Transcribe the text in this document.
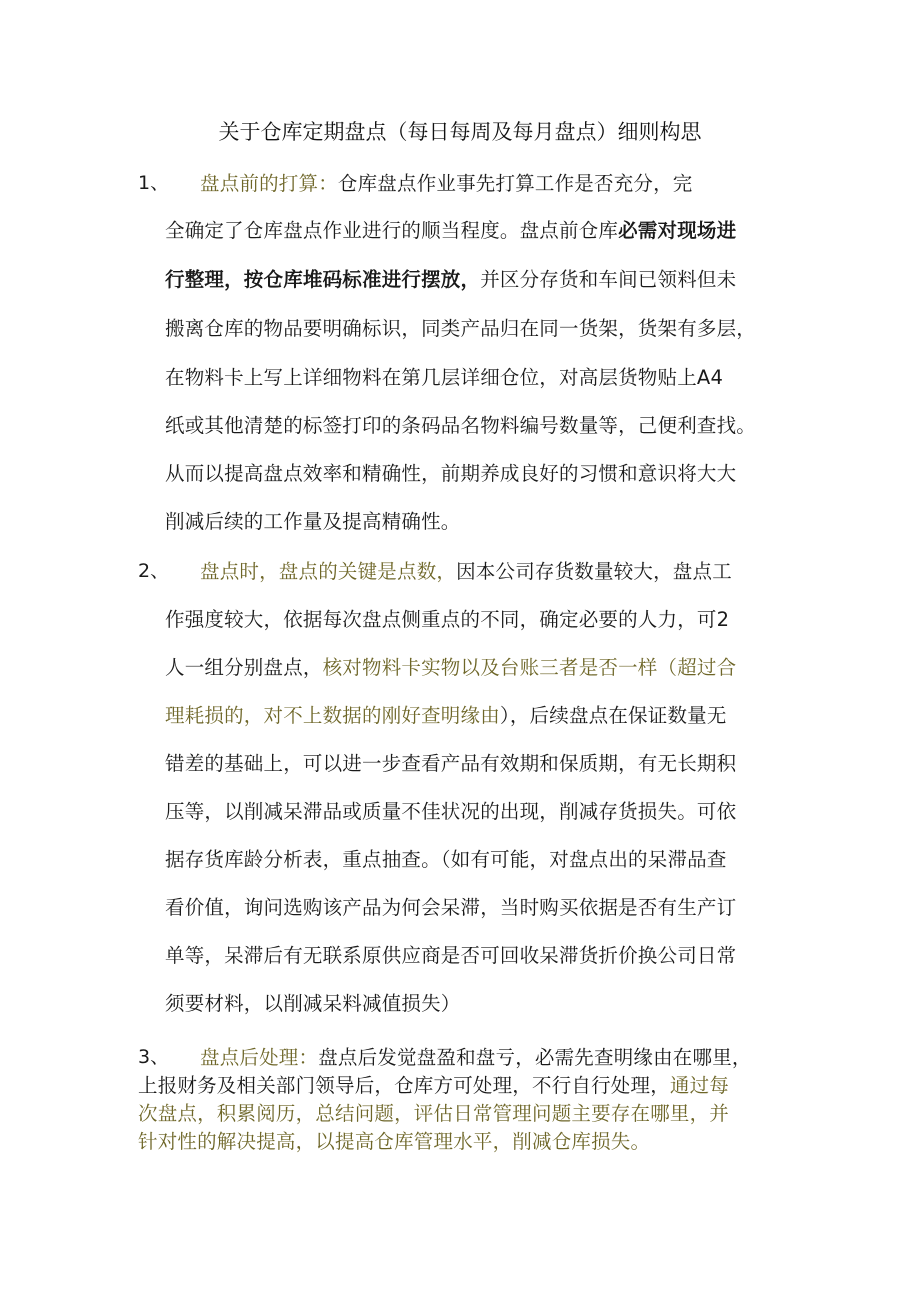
关于仓库定期盘点（每日每周及每月盘点）细则构思
1、 盘点前的打算：仓库盘点作业事先打算工作是否充分，完
全确定了仓库盘点作业进行的顺当程度。盘点前仓库必需对现场进
行整理，按仓库堆码标准进行摆放，并区分存货和车间已领料但未
搬离仓库的物品要明确标识，同类产品归在同一货架，货架有多层，
在物料卡上写上详细物料在第几层详细仓位，对高层货物贴上A4
纸或其他清楚的标签打印的条码品名物料编号数量等，己便利查找。
从而以提高盘点效率和精确性，前期养成良好的习惯和意识将大大
削减后续的工作量及提高精确性。
2、 盘点时，盘点的关键是点数，因本公司存货数量较大，盘点工
作强度较大，依据每次盘点侧重点的不同，确定必要的人力，可2
人一组分别盘点，核对物料卡实物以及台账三者是否一样（超过合
理耗损的，对不上数据的刚好查明缘由），后续盘点在保证数量无
错差的基础上，可以进一步查看产品有效期和保质期，有无长期积
压等，以削减呆滞品或质量不佳状况的出现，削减存货损失。可依
据存货库龄分析表，重点抽查。（如有可能，对盘点出的呆滞品查
看价值，询问选购该产品为何会呆滞，当时购买依据是否有生产订
单等，呆滞后有无联系原供应商是否可回收呆滞货折价换公司日常
须要材料，以削减呆料减值损失）
3、 盘点后处理：盘点后发觉盘盈和盘亏，必需先查明缘由在哪里，
上报财务及相关部门领导后，仓库方可处理，不行自行处理，通过每
次盘点，积累阅历，总结问题，评估日常管理问题主要存在哪里，并
针对性的解决提高，以提高仓库管理水平，削减仓库损失。
